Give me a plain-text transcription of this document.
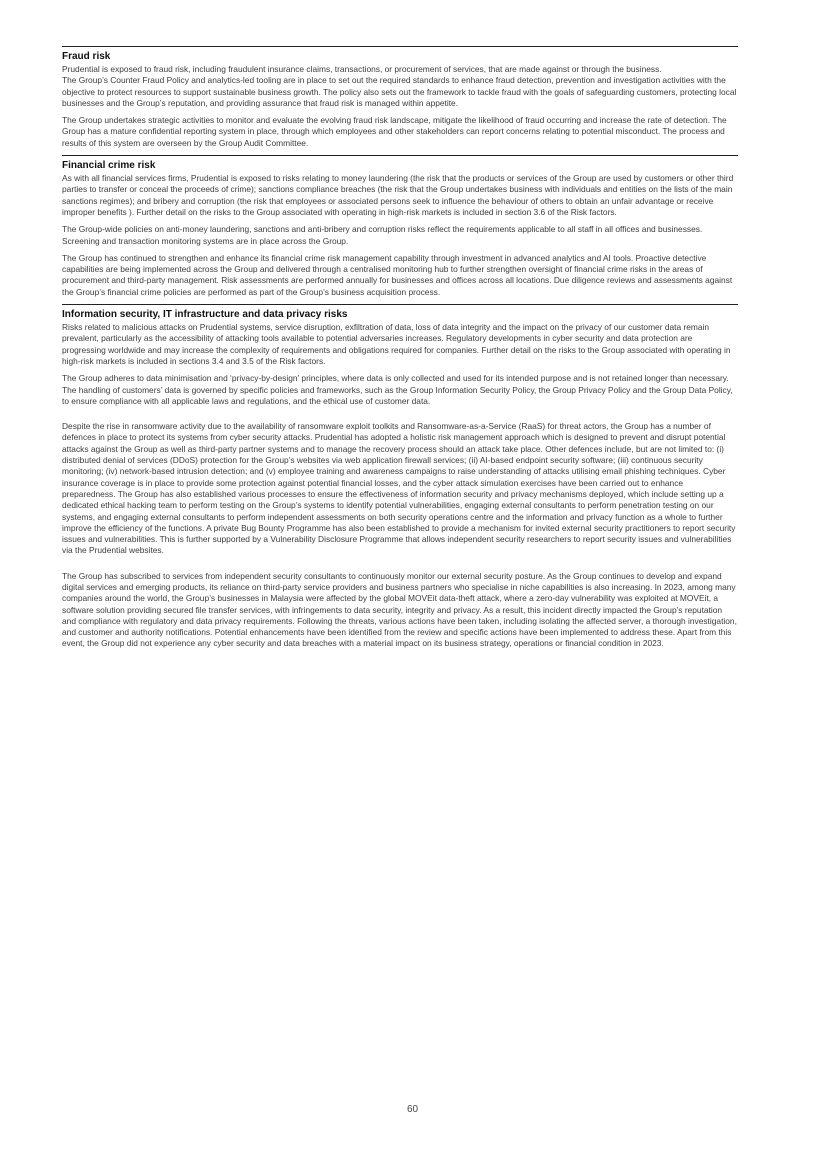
Fraud risk

Prudential is exposed to fraud risk, including fraudulent insurance claims, transactions, or procurement of services, that are made against or through the business.

The Group’s Counter Fraud Policy and analytics-led tooling are in place to set out the required standards to enhance fraud detection, prevention and investigation activities with the objective to protect resources to support sustainable business growth. The policy also sets out the framework to tackle fraud with the goals of safeguarding customers, protecting local businesses and the Group’s reputation, and providing assurance that fraud risk is managed within appetite.

The Group undertakes strategic activities to monitor and evaluate the evolving fraud risk landscape, mitigate the likelihood of fraud occurring and increase the rate of detection. The Group has a mature confidential reporting system in place, through which employees and other stakeholders can report concerns relating to potential misconduct. The process and results of this system are overseen by the Group Audit Committee.

Financial crime risk

As with all financial services firms, Prudential is exposed to risks relating to money laundering (the risk that the products or services of the Group are used by customers or other third parties to transfer or conceal the proceeds of crime); sanctions compliance breaches (the risk that the Group undertakes business with individuals and entities on the lists of the main sanctions regimes); and bribery and corruption (the risk that employees or associated persons seek to influence the behaviour of others to obtain an unfair advantage or receive improper benefits ). Further detail on the risks to the Group associated with operating in high-risk markets is included in section 3.6 of the Risk factors.

The Group-wide policies on anti-money laundering, sanctions and anti-bribery and corruption risks reflect the requirements applicable to all staff in all offices and businesses. Screening and transaction monitoring systems are in place across the Group.

The Group has continued to strengthen and enhance its financial crime risk management capability through investment in advanced analytics and AI tools. Proactive detective capabilities are being implemented across the Group and delivered through a centralised monitoring hub to further strengthen oversight of financial crime risks in the areas of procurement and third-party management. Risk assessments are performed annually for businesses and offices across all locations. Due diligence reviews and assessments against the Group’s financial crime policies are performed as part of the Group’s business acquisition process.

Information security, IT infrastructure and data privacy risks

Risks related to malicious attacks on Prudential systems, service disruption, exfiltration of data, loss of data integrity and the impact on the privacy of our customer data remain prevalent, particularly as the accessibility of attacking tools available to potential adversaries increases. Regulatory developments in cyber security and data protection are progressing worldwide and may increase the complexity of requirements and obligations required for companies. Further detail on the risks to the Group associated with operating in high-risk markets is included in sections 3.4 and 3.5 of the Risk factors.

The Group adheres to data minimisation and ‘privacy-by-design’ principles, where data is only collected and used for its intended purpose and is not retained longer than necessary. The handling of customers’ data is governed by specific policies and frameworks, such as the Group Information Security Policy, the Group Privacy Policy and the Group Data Policy, to ensure compliance with all applicable laws and regulations, and the ethical use of customer data.

Despite the rise in ransomware activity due to the availability of ransomware exploit toolkits and Ransomware-as-a-Service (RaaS) for threat actors, the Group has a number of defences in place to protect its systems from cyber security attacks. Prudential has adopted a holistic risk management approach which is designed to prevent and disrupt potential attacks against the Group as well as third-party partner systems and to manage the recovery process should an attack take place. Other defences include, but are not limited to: (i) distributed denial of services (DDoS) protection for the Group’s websites via web application firewall services; (ii) AI-based endpoint security software; (iii) continuous security monitoring; (iv) network-based intrusion detection; and (v) employee training and awareness campaigns to raise understanding of attacks utilising email phishing techniques. Cyber insurance coverage is in place to provide some protection against potential financial losses, and the cyber attack simulation exercises have been carried out to enhance preparedness. The Group has also established various processes to ensure the effectiveness of information security and privacy mechanisms deployed, which include setting up a dedicated ethical hacking team to perform testing on the Group’s systems to identify potential vulnerabilities, engaging external consultants to perform penetration testing on our systems, and engaging external consultants to perform independent assessments on both security operations centre and the information and privacy function as a whole to further improve the efficiency of the functions. A private Bug Bounty Programme has also been established to provide a mechanism for invited external security practitioners to report security issues and vulnerabilities. This is further supported by a Vulnerability Disclosure Programme that allows independent security researchers to report security issues and vulnerabilities via the Prudential websites.

The Group has subscribed to services from independent security consultants to continuously monitor our external security posture. As the Group continues to develop and expand digital services and emerging products, its reliance on third-party service providers and business partners who specialise in niche capabilities is also increasing. In 2023, among many companies around the world, the Group’s businesses in Malaysia were affected by the global MOVEit data-theft attack, where a zero-day vulnerability was exploited at MOVEit, a software solution providing secured file transfer services, with infringements to data security, integrity and privacy. As a result, this incident directly impacted the Group’s reputation and compliance with regulatory and data privacy requirements. Following the threats, various actions have been taken, including isolating the affected server, a thorough investigation, and customer and authority notifications. Potential enhancements have been identified from the review and specific actions have been implemented to address these. Apart from this event, the Group did not experience any cyber security and data breaches with a material impact on its business strategy, operations or financial condition in 2023.

60
